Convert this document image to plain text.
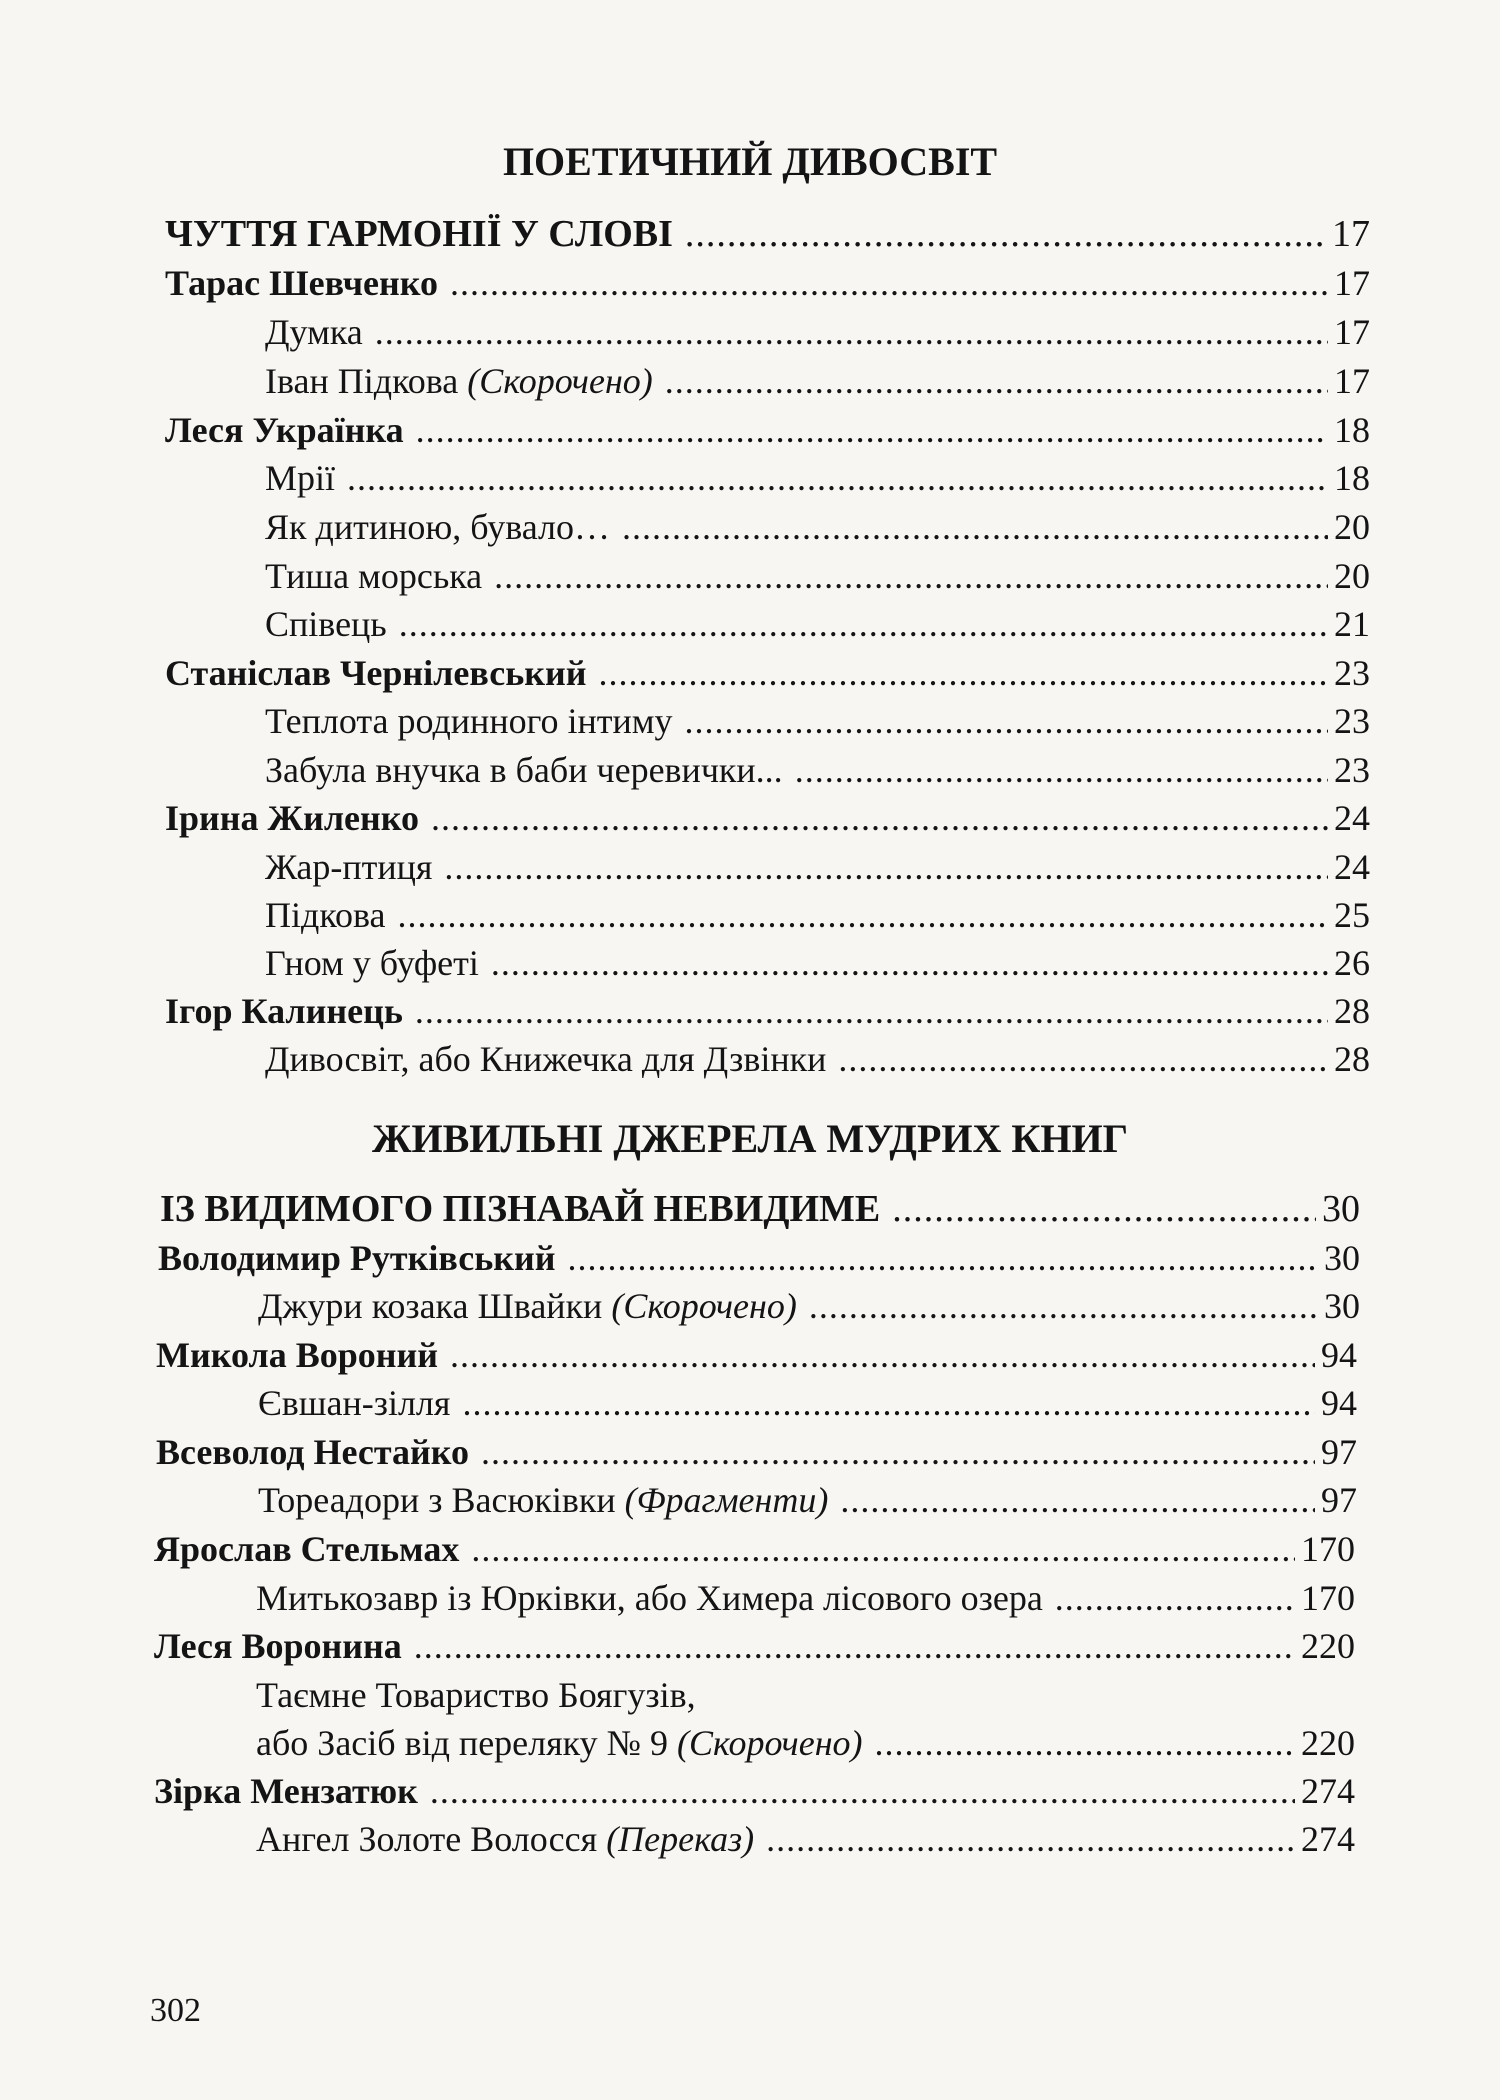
ПОЕТИЧНИЙ ДИВОСВІТ
ЧУТТЯ ГАРМОНІЇ У СЛОВІ .....	17
Тарас Шевченко .....	17
Думка .....	17
Іван Підкова (Скорочено) .....	17
Леся Українка .....	18
Мрії .....	18
Як дитиною, бувало… .....	20
Тиша морська .....	20
Співець .....	21
Станіслав Чернілевський .....	23
Теплота родинного інтиму .....	23
Забула внучка в баби черевички... .....	23
Ірина Жиленко .....	24
Жар-птиця .....	24
Підкова .....	25
Гном у буфеті .....	26
Ігор Калинець .....	28
Дивосвіт, або Книжечка для Дзвінки .....	28
ЖИВИЛЬНІ ДЖЕРЕЛА МУДРИХ КНИГ
ІЗ ВИДИМОГО ПІЗНАВАЙ НЕВИДИМЕ .....	30
Володимир Рутківський .....	30
Джури козака Швайки (Скорочено) .....	30
Микола Вороний .....	94
Євшан-зілля .....	94
Всеволод Нестайко .....	97
Тореадори з Васюківки (Фрагменти) .....	97
Ярослав Стельмах .....	170
Митькозавр із Юрківки, або Химера лісового озера .....	170
Леся Воронина .....	220
Таємне Товариство Боягузів,
або Засіб від переляку № 9 (Скорочено) .....	220
Зірка Мензатюк .....	274
Ангел Золоте Волосся (Переказ) .....	274
302
